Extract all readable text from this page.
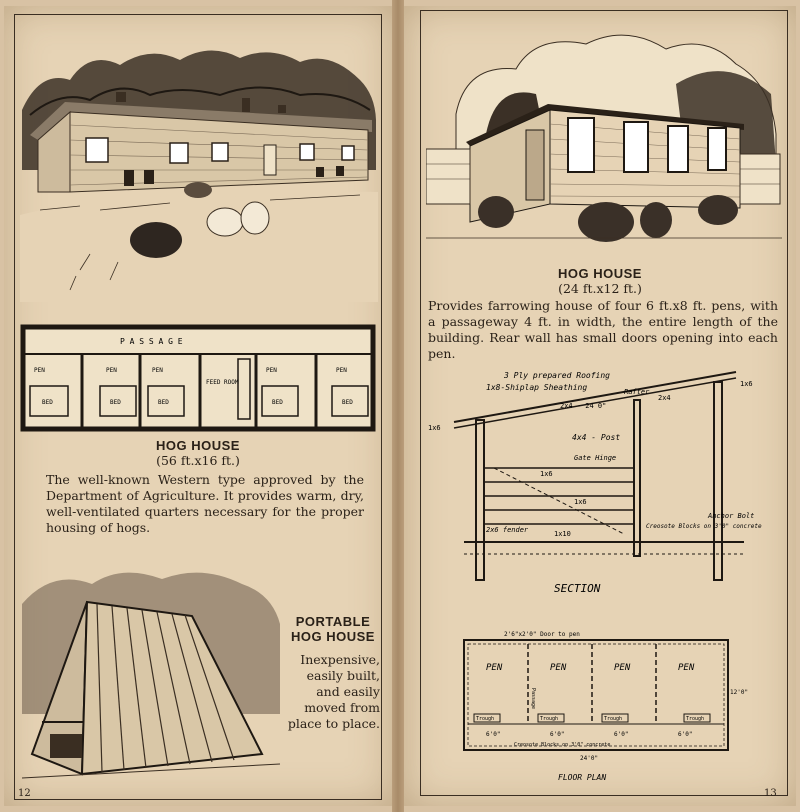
P A S S A G E
PEN	PEN	PEN	PEN	PEN
BED	BED	BED	BED	BED
FEED ROOM
HOG HOUSE
(56 ft.x16 ft.)
The well-known Western type approved by the Department of Agriculture. It provides warm, dry, well-ventilated quarters necessary for the proper housing of hogs.
PORTABLE
HOG HOUSE
Inexpensive,
easily built,
and easily
moved from
place to place.
12
HOG HOUSE
(24 ft.x12 ft.)
Provides farrowing house of four 6 ft.x8 ft. pens, with a passageway 4 ft. in width, the entire length of the building. Rear wall has small doors opening into each pen.
3 Ply prepared Roofing
1x8-Shiplap Sheathing
2x4 - 24 0"
Rafter
2x4
1x6
1x6
4x4 - Post
Gate Hinge
1x6
1x6
2x6 fender	1x10
Creosote Blocks on 3'0" concrete
Anchor Bolt
SECTION
2'6"x2'0" Door to pen
PEN	PEN	PEN	PEN
Trough	Trough	Trough	Trough
Passage
6'0"	6'0"	6'0"	6'0"
Creosote Blocks on 3'0" concrete
24'0"
12'0"
FLOOR PLAN
13
